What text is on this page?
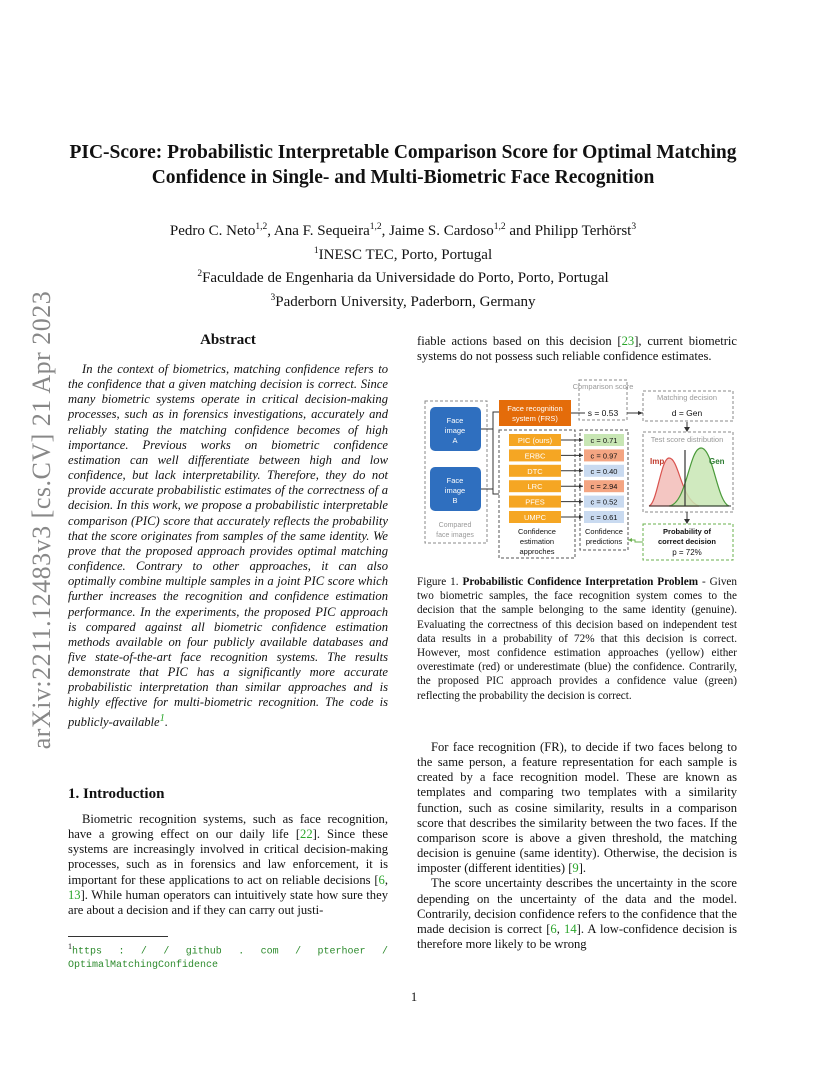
arXiv:2211.12483v3 [cs.CV] 21 Apr 2023
PIC-Score: Probabilistic Interpretable Comparison Score for Optimal Matching
Confidence in Single- and Multi-Biometric Face Recognition
Pedro C. Neto$^{1,2}$, Ana F. Sequeira$^{1,2}$, Jaime S. Cardoso$^{1,2}$ and Philipp Terhörst$^3$
$^1$INESC TEC, Porto, Portugal
$^2$Faculdade de Engenharia da Universidade do Porto, Porto, Portugal
$^3$Paderborn University, Paderborn, Germany
Abstract
In the context of biometrics, matching confidence refers to the confidence that a given matching decision is correct. Since many biometric systems operate in critical decision-making processes, such as in forensics investigations, accurately and reliably stating the matching confidence becomes of high importance. Previous works on biometric confidence estimation can well differentiate between high and low confidence, but lack interpretability. Therefore, they do not provide accurate probabilistic estimates of the correctness of a decision. In this work, we propose a probabilistic interpretable comparison (PIC) score that accurately reflects the probability that the score originates from samples of the same identity. We prove that the proposed approach provides optimal matching confidence. Contrary to other approaches, it can also optimally combine multiple samples in a joint PIC score which further increases the recognition and confidence estimation performance. In the experiments, the proposed PIC approach is compared against all biometric confidence estimation methods available on four publicly available databases and five state-of-the-art face recognition systems. The results demonstrate that PIC has a significantly more accurate probabilistic interpretation than similar approaches and is highly effective for multi-biometric recognition. The code is publicly-available$^1$.
1. Introduction
Biometric recognition systems, such as face recognition, have a growing effect on our daily life [22]. Since these systems are increasingly involved in critical decision-making processes, such as in forensics and law enforcement, it is important for these applications to act on reliable decisions [6, 13]. While human operators can intuitively state how sure they are about a decision and if they can carry out justi-
$^1$https : / / github . com / pterhoer / OptimalMatchingConfidence
fiable actions based on this decision [23], current biometric systems do not possess such reliable confidence estimates.
Comparison score
s = 0.53
Matching decision
d = Gen
Face
image
A
Face
image
B
Compared
face images
Face recognition
system (FRS)
PIC (ours)	c = 0.71
ERBC	c = 0.97
DTC	c = 0.40
LRC	c = 2.94
PFES	c = 0.52
UMPC	c = 0.61
Confidence
estimation
approches
Confidence
predictions
Test score distribution
Imp	Gen
Probability of
correct decision
p = 72%
Figure 1. Probabilistic Confidence Interpretation Problem - Given two biometric samples, the face recognition system comes to the decision that the sample belonging to the same identity (genuine). Evaluating the correctness of this decision based on independent test data results in a probability of 72% that this decision is correct. However, most confidence estimation approaches (yellow) either overestimate (red) or underestimate (blue) the confidence. Contrarily, the proposed PIC approach provides a confidence value (green) reflecting the probability the decision is correct.

For face recognition (FR), to decide if two faces belong to the same person, a feature representation for each sample is created by a face recognition model. These are known as templates and comparing two templates with a similarity function, such as cosine similarity, results in a comparison score that describes the similarity between the two faces. If the comparison score is above a given threshold, the matching decision is genuine (same identity). Otherwise, the decision is imposter (different identities) [9].

The score uncertainty describes the uncertainty in the score depending on the uncertainty of the data and the model. Contrarily, decision confidence refers to the confidence that the made decision is correct [6, 14]. A low-confidence decision is therefore more likely to be wrong

1
